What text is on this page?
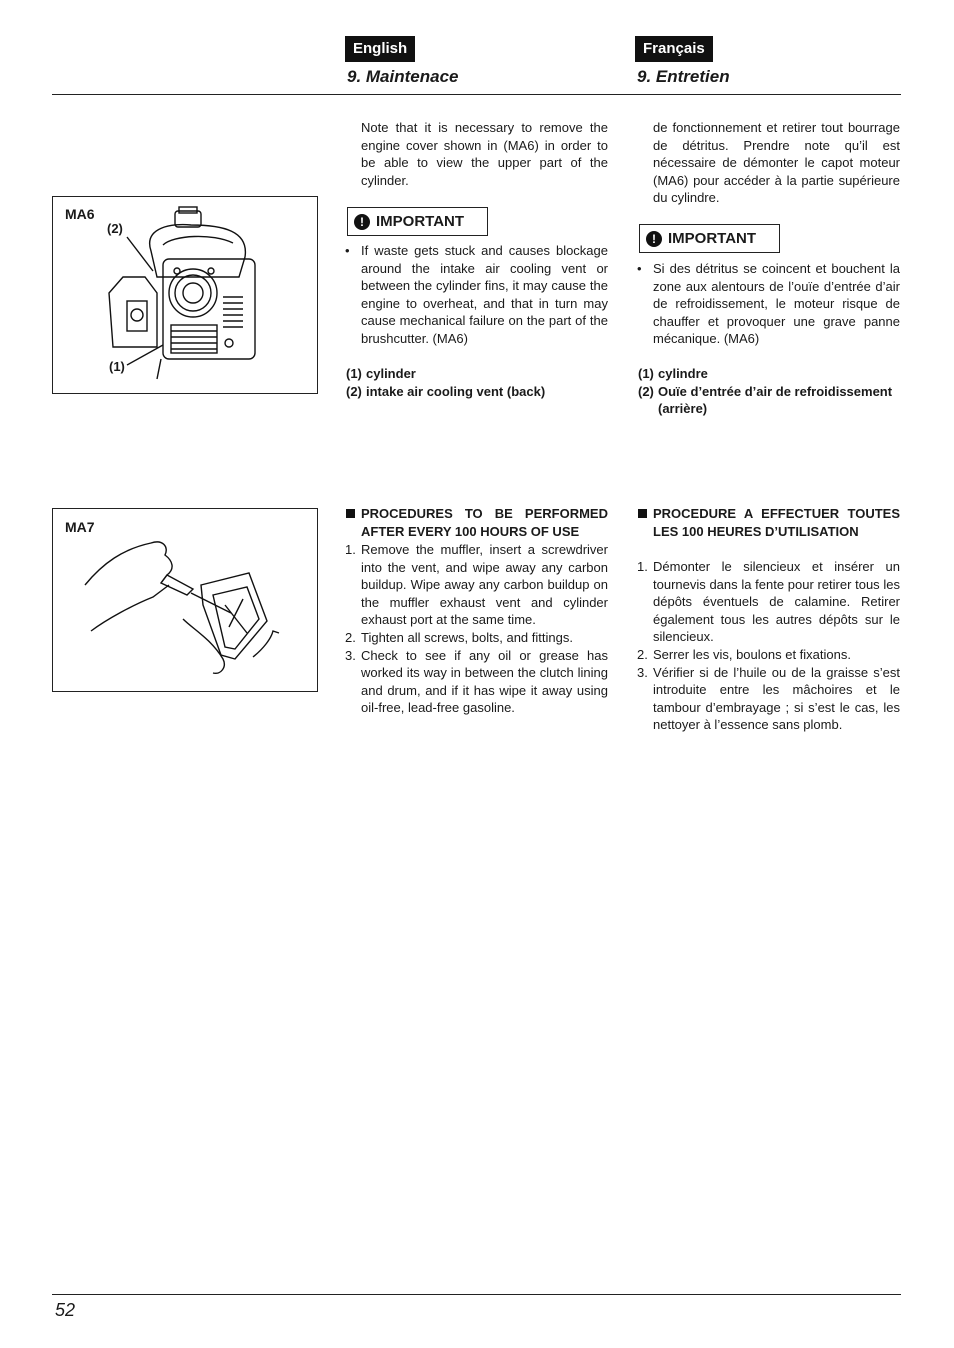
English	Français
9. Maintenace	9. Entretien
MA6
(2)
(1)
MA7
Note that it is necessary to remove the engine cover shown in (MA6) in order to be able to view the upper part of the cylinder.
! IMPORTANT
• If waste gets stuck and causes blockage around the intake air cooling vent or between the cylinder fins, it may cause the engine to overheat, and that in turn may cause mechanical failure on the part of the brushcutter. (MA6)
(1) cylinder
(2) intake air cooling vent (back)
PROCEDURES TO BE PERFORMED AFTER EVERY 100 HOURS OF USE
1. Remove the muffler, insert a screwdriver into the vent, and wipe away any carbon buildup. Wipe away any carbon buildup on the muffler exhaust vent and cylinder exhaust port at the same time.
2. Tighten all screws, bolts, and fittings.
3. Check to see if any oil or grease has worked its way in between the clutch lining and drum, and if it has wipe it away using oil-free, lead-free gasoline.
de fonctionnement et retirer tout bourrage de détritus. Prendre note qu’il est nécessaire de démonter le capot moteur (MA6) pour accéder à la partie supérieure du cylindre.
! IMPORTANT
• Si des détritus se coincent et bouchent la zone aux alentours de l’ouïe d’entrée d’air de refroidissement, le moteur risque de chauffer et provoquer une grave panne mécanique. (MA6)
(1) cylindre
(2) Ouïe d’entrée d’air de refroidissement (arrière)
PROCEDURE A EFFECTUER TOUTES LES 100 HEURES D’UTILISATION
1. Démonter le silencieux et insérer un tournevis dans la fente pour retirer tous les dépôts éventuels de calamine. Retirer également tous les autres dépôts sur le silencieux.
2. Serrer les vis, boulons et fixations.
3. Vérifier si de l’huile ou de la graisse s’est introduite entre les mâchoires et le tambour d’embrayage ; si s’est le cas, les nettoyer à l’essence sans plomb.
52
